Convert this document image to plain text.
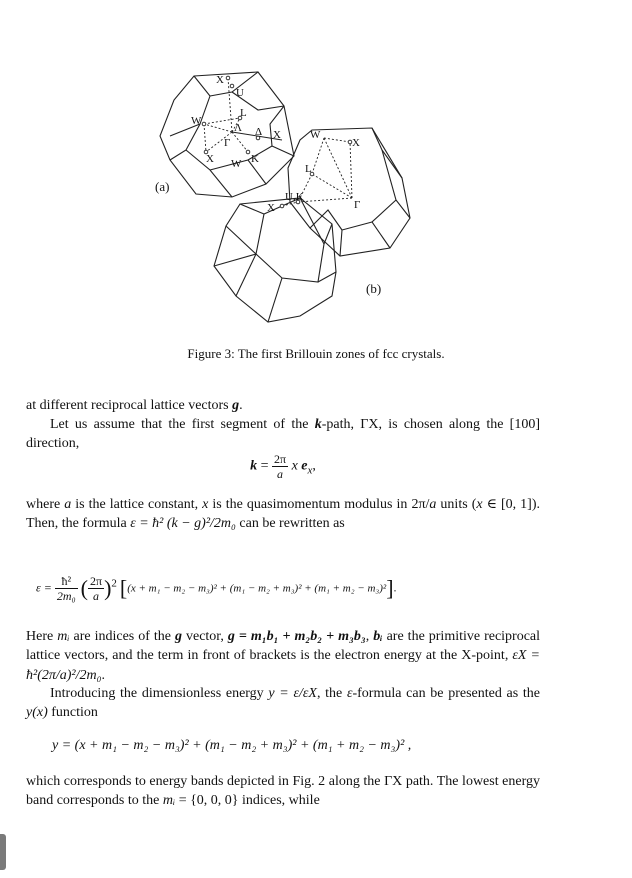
X
U
L
W
Λ Δ X
Γ
X W K
(a)
W
X
L
U,K
X	Γ
(b)
Figure 3: The first Brillouin zones of fcc crystals.
at different reciprocal lattice vectors g.
Let us assume that the first segment of the k-path, ΓX, is chosen along the [100] direction,
$k = \frac{2\pi}{a}$ x $e_x$,
where a is the lattice constant, x is the quasimomentum modulus in 2π/a units (x ∈ [0, 1]). Then, the formula ε = ħ² (k − g)²/2m₀ can be rewritten as
$\varepsilon = \frac{\text{ħ²}}{\text{2m₀}}$ ( $\frac{2\pi}{a} )^2$ [(x + m₁ − m₂ − m₃)² + (m₁ − m₂ + m₃)² + (m₁ + m₂ − m₃)²].
Here mᵢ are indices of the g vector, g = m₁b₁ + m₂b₂ + m₃b₃, bᵢ are the primitive reciprocal lattice vectors, and the term in front of brackets is the electron energy at the X-point, εX = ħ²(2π/a)²/2m₀.
Introducing the dimensionless energy y = ε/εX, the ε-formula can be presented as the y(x) function
y = (x + m₁ − m₂ − m₃)² + (m₁ − m₂ + m₃)² + (m₁ + m₂ − m₃)² ,
which corresponds to energy bands depicted in Fig. 2 along the ΓX path. The lowest energy band corresponds to the mᵢ = {0, 0, 0} indices, while
